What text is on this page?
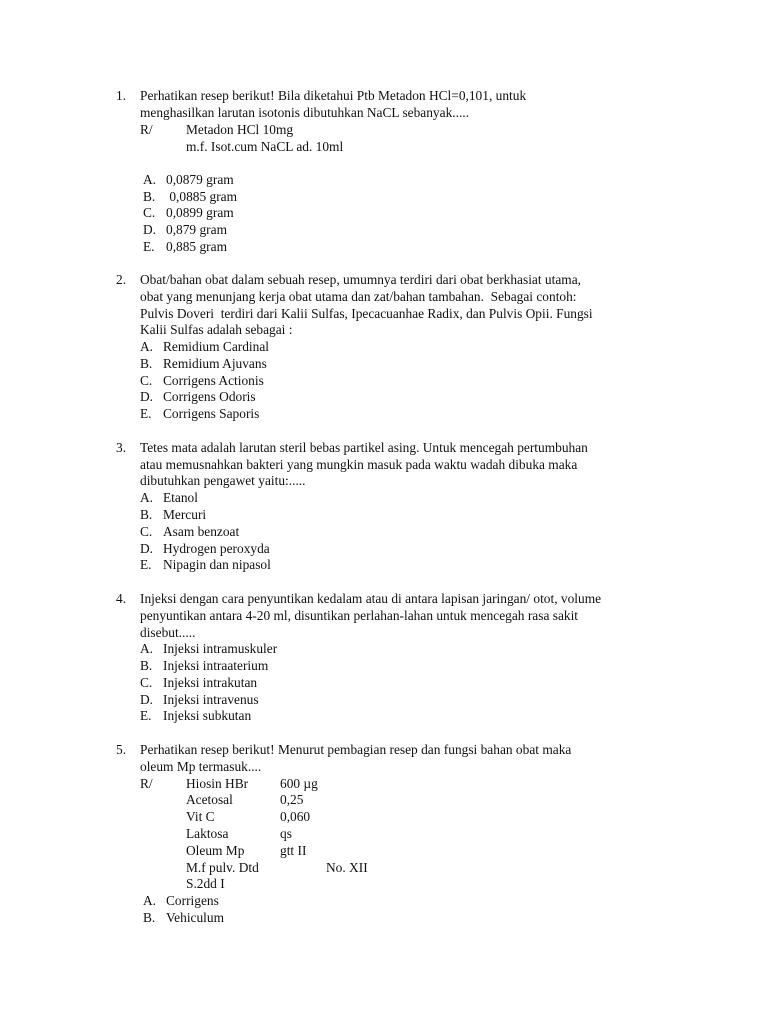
1. Perhatikan resep berikut! Bila diketahui Ptb Metadon HCl=0,101, untuk
menghasilkan larutan isotonis dibutuhkan NaCL sebanyak.....
R/ Metadon HCl 10mg
m.f. Isot.cum NaCL ad. 10ml
A. 0,0879 gram
B. 0,0885 gram
C. 0,0899 gram
D. 0,879 gram
E. 0,885 gram
2. Obat/bahan obat dalam sebuah resep, umumnya terdiri dari obat berkhasiat utama,
obat yang menunjang kerja obat utama dan zat/bahan tambahan.  Sebagai contoh:
Pulvis Doveri  terdiri dari Kalii Sulfas, Ipecacuanhae Radix, dan Pulvis Opii. Fungsi
Kalii Sulfas adalah sebagai :
A. Remidium Cardinal
B. Remidium Ajuvans
C. Corrigens Actionis
D. Corrigens Odoris
E. Corrigens Saporis
3. Tetes mata adalah larutan steril bebas partikel asing. Untuk mencegah pertumbuhan
atau memusnahkan bakteri yang mungkin masuk pada waktu wadah dibuka maka
dibutuhkan pengawet yaitu:.....
A. Etanol
B. Mercuri
C. Asam benzoat
D. Hydrogen peroxyda
E. Nipagin dan nipasol
4. Injeksi dengan cara penyuntikan kedalam atau di antara lapisan jaringan/ otot, volume
penyuntikan antara 4-20 ml, disuntikan perlahan-lahan untuk mencegah rasa sakit
disebut.....
A. Injeksi intramuskuler
B. Injeksi intraaterium
C. Injeksi intrakutan
D. Injeksi intravenus
E. Injeksi subkutan
5. Perhatikan resep berikut! Menurut pembagian resep dan fungsi bahan obat maka
oleum Mp termasuk....
R/ Hiosin HBr 600 µg
Acetosal	0,25
Vit C	0,060
Laktosa	qs
Oleum Mp	gtt II
M.f pulv. Dtd	No. XII
S.2dd I
A. Corrigens
B. Vehiculum
